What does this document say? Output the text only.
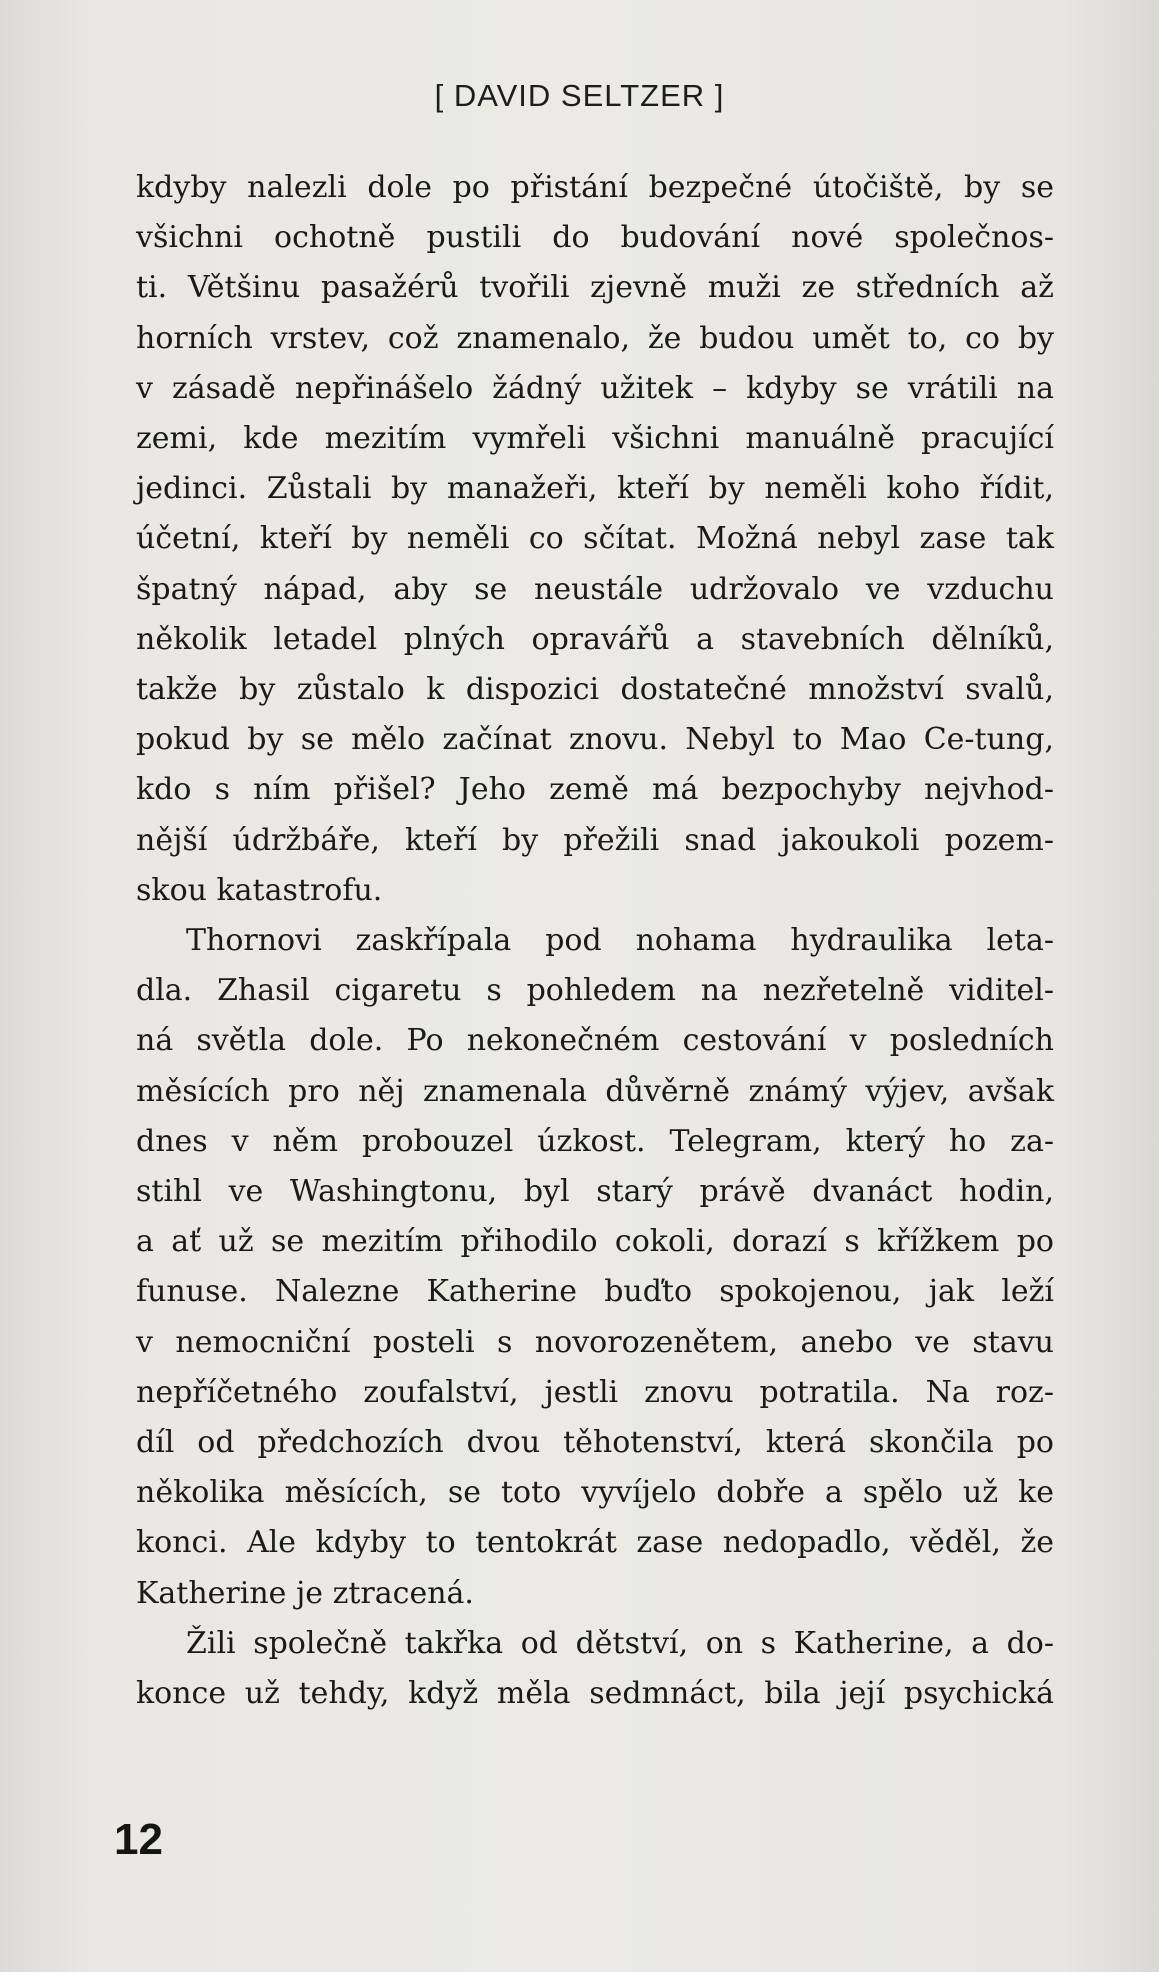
[ DAVID SELTZER ]
kdyby nalezli dole po přistání bezpečné útočiště, by se
všichni ochotně pustili do budování nové společnos-
ti. Většinu pasažérů tvořili zjevně muži ze středních až
horních vrstev, což znamenalo, že budou umět to, co by
v zásadě nepřinášelo žádný užitek – kdyby se vrátili na
zemi, kde mezitím vymřeli všichni manuálně pracující
jedinci. Zůstali by manažeři, kteří by neměli koho řídit,
účetní, kteří by neměli co sčítat. Možná nebyl zase tak
špatný nápad, aby se neustále udržovalo ve vzduchu
několik letadel plných opravářů a stavebních dělníků,
takže by zůstalo k dispozici dostatečné množství svalů,
pokud by se mělo začínat znovu. Nebyl to Mao Ce-tung,
kdo s ním přišel? Jeho země má bezpochyby nejvhod-
nější údržbáře, kteří by přežili snad jakoukoli pozem-
skou katastrofu.
Thornovi zaskřípala pod nohama hydraulika leta-
dla. Zhasil cigaretu s pohledem na nezřetelně viditel-
ná světla dole. Po nekonečném cestování v posledních
měsících pro něj znamenala důvěrně známý výjev, avšak
dnes v něm probouzel úzkost. Telegram, který ho za-
stihl ve Washingtonu, byl starý právě dvanáct hodin,
a ať už se mezitím přihodilo cokoli, dorazí s křížkem po
funuse. Nalezne Katherine buďto spokojenou, jak leží
v nemocniční posteli s novorozenětem, anebo ve stavu
nepříčetného zoufalství, jestli znovu potratila. Na roz-
díl od předchozích dvou těhotenství, která skončila po
několika měsících, se toto vyvíjelo dobře a spělo už ke
konci. Ale kdyby to tentokrát zase nedopadlo, věděl, že
Katherine je ztracená.
Žili společně takřka od dětství, on s Katherine, a do-
konce už tehdy, když měla sedmnáct, bila její psychická
12
